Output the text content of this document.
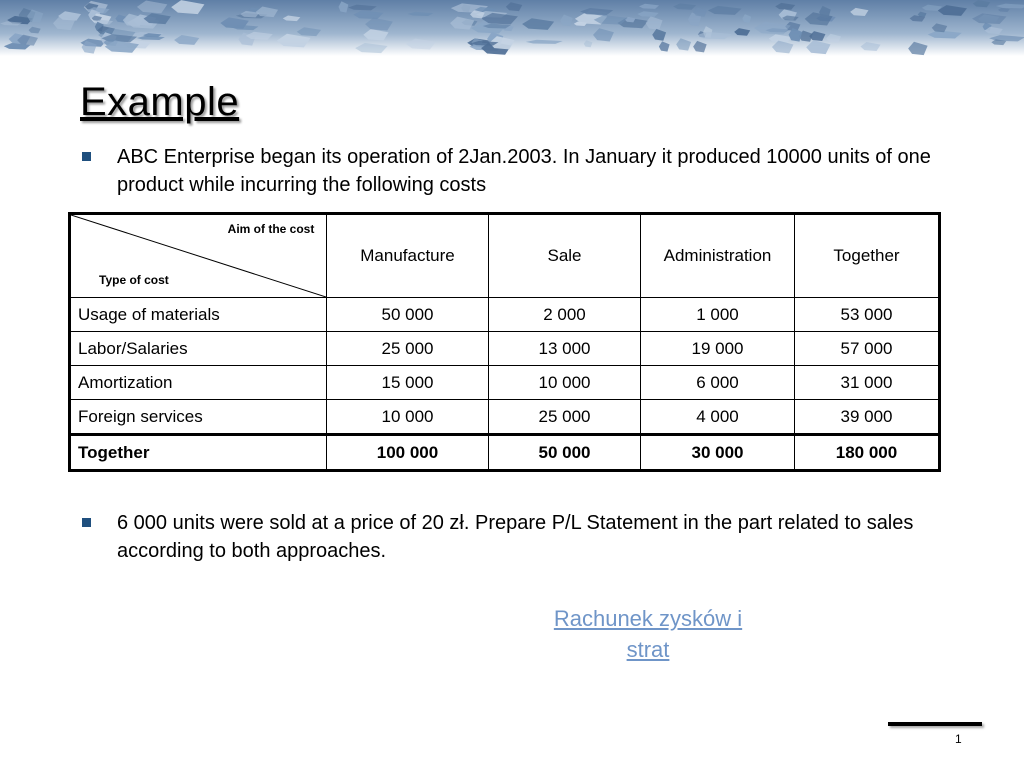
Example
ABC Enterprise began its operation of 2Jan.2003. In January it produced 10000 units of one product while incurring the following costs
Aim of the cost
Type of cost	Manufacture	Sale	Administration	Together
Usage of materials	50 000	2 000	1 000	53 000
Labor/Salaries	25 000	13 000	19 000	57 000
Amortization	15 000	10 000	6 000	31 000
Foreign services	10 000	25 000	4 000	39 000
Together	100 000	50 000	30 000	180 000
6 000 units were sold at a price of 20 zł. Prepare P/L Statement in the part related to sales according to both approaches.
Rachunek zysków i strat
1
